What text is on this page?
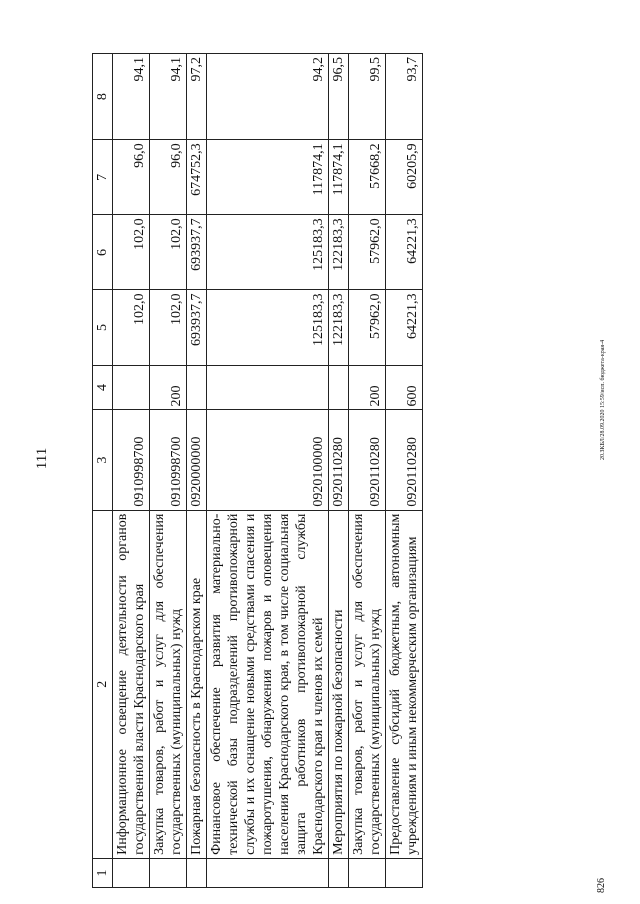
111	20.ЗКБЛ/28.09.2020 15:59/исп. бюджета-края-4
826
1	2	3	4	5	6	7	8
	Информационное освещение деятельности органов государственной власти Краснодарского края	0910998700		102,0	102,0	96,0	94,1
	Закупка товаров, работ и услуг для обеспечения государственных (муниципальных) нужд	0910998700	200	102,0	102,0	96,0	94,1
	Пожарная безопасность в Краснодарском крае	0920000000		693937,7	693937,7	674752,3	97,2
	Финансовое обеспечение развития материально-технической базы подразделений противопожарной службы и их оснащение новыми средствами спасения и пожаротушения, обнаружения пожаров и оповещения населения Краснодарского края, в том числе социальная защита работников противопожарной службы Краснодарского края и членов их семей	0920100000		125183,3	125183,3	117874,1	94,2
	Мероприятия по пожарной безопасности	0920110280		122183,3	122183,3	117874,1	96,5
	Закупка товаров, работ и услуг для обеспечения государственных (муниципальных) нужд	0920110280	200	57962,0	57962,0	57668,2	99,5
	Предоставление субсидий бюджетным, автономным учреждениям и иным некоммерческим организациям	0920110280	600	64221,3	64221,3	60205,9	93,7
